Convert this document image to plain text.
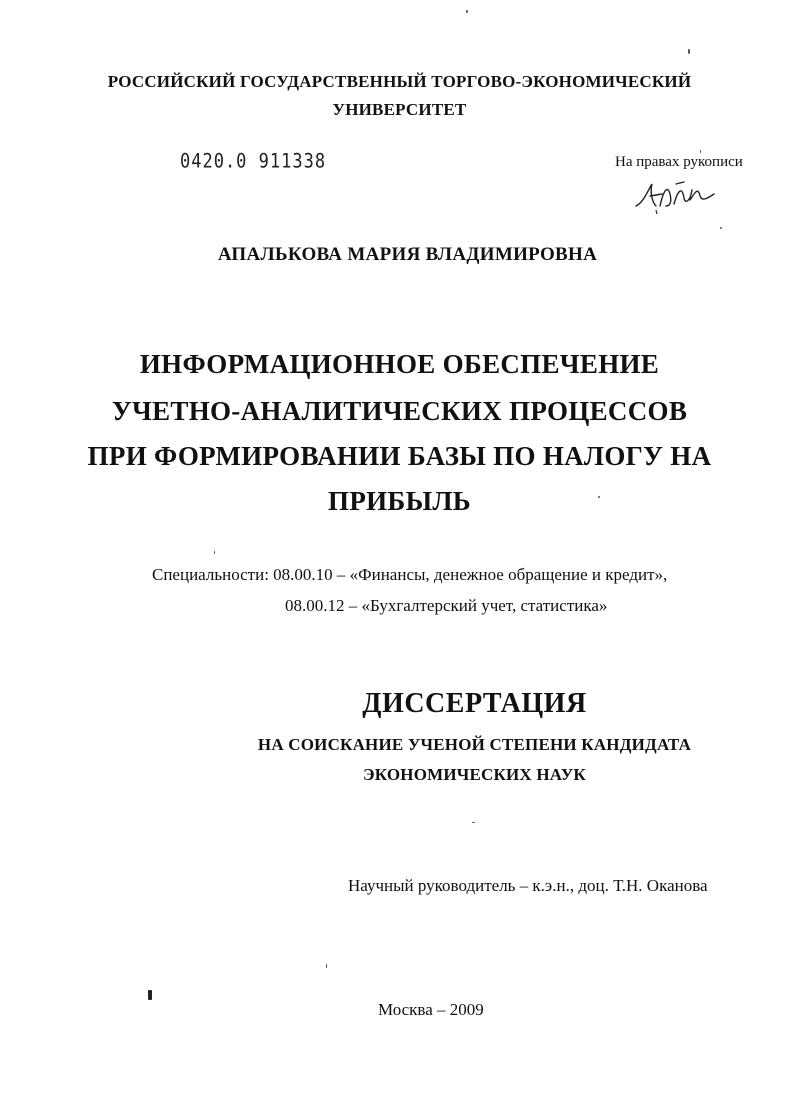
РОССИЙСКИЙ ГОСУДАРСТВЕННЫЙ ТОРГОВО-ЭКОНОМИЧЕСКИЙ
УНИВЕРСИТЕТ
0420.0 911338	На правах рукописи
АПАЛЬКОВА МАРИЯ ВЛАДИМИРОВНА
ИНФОРМАЦИОННОЕ ОБЕСПЕЧЕНИЕ
УЧЕТНО-АНАЛИТИЧЕСКИХ ПРОЦЕССОВ
ПРИ ФОРМИРОВАНИИ БАЗЫ ПО НАЛОГУ НА
ПРИБЫЛЬ
Специальности: 08.00.10 – «Финансы, денежное обращение и кредит»,
08.00.12 – «Бухгалтерский учет, статистика»
ДИССЕРТАЦИЯ
НА СОИСКАНИЕ УЧЕНОЙ СТЕПЕНИ КАНДИДАТА
ЭКОНОМИЧЕСКИХ НАУК
Научный руководитель – к.э.н., доц. Т.Н. Оканова
Москва – 2009
